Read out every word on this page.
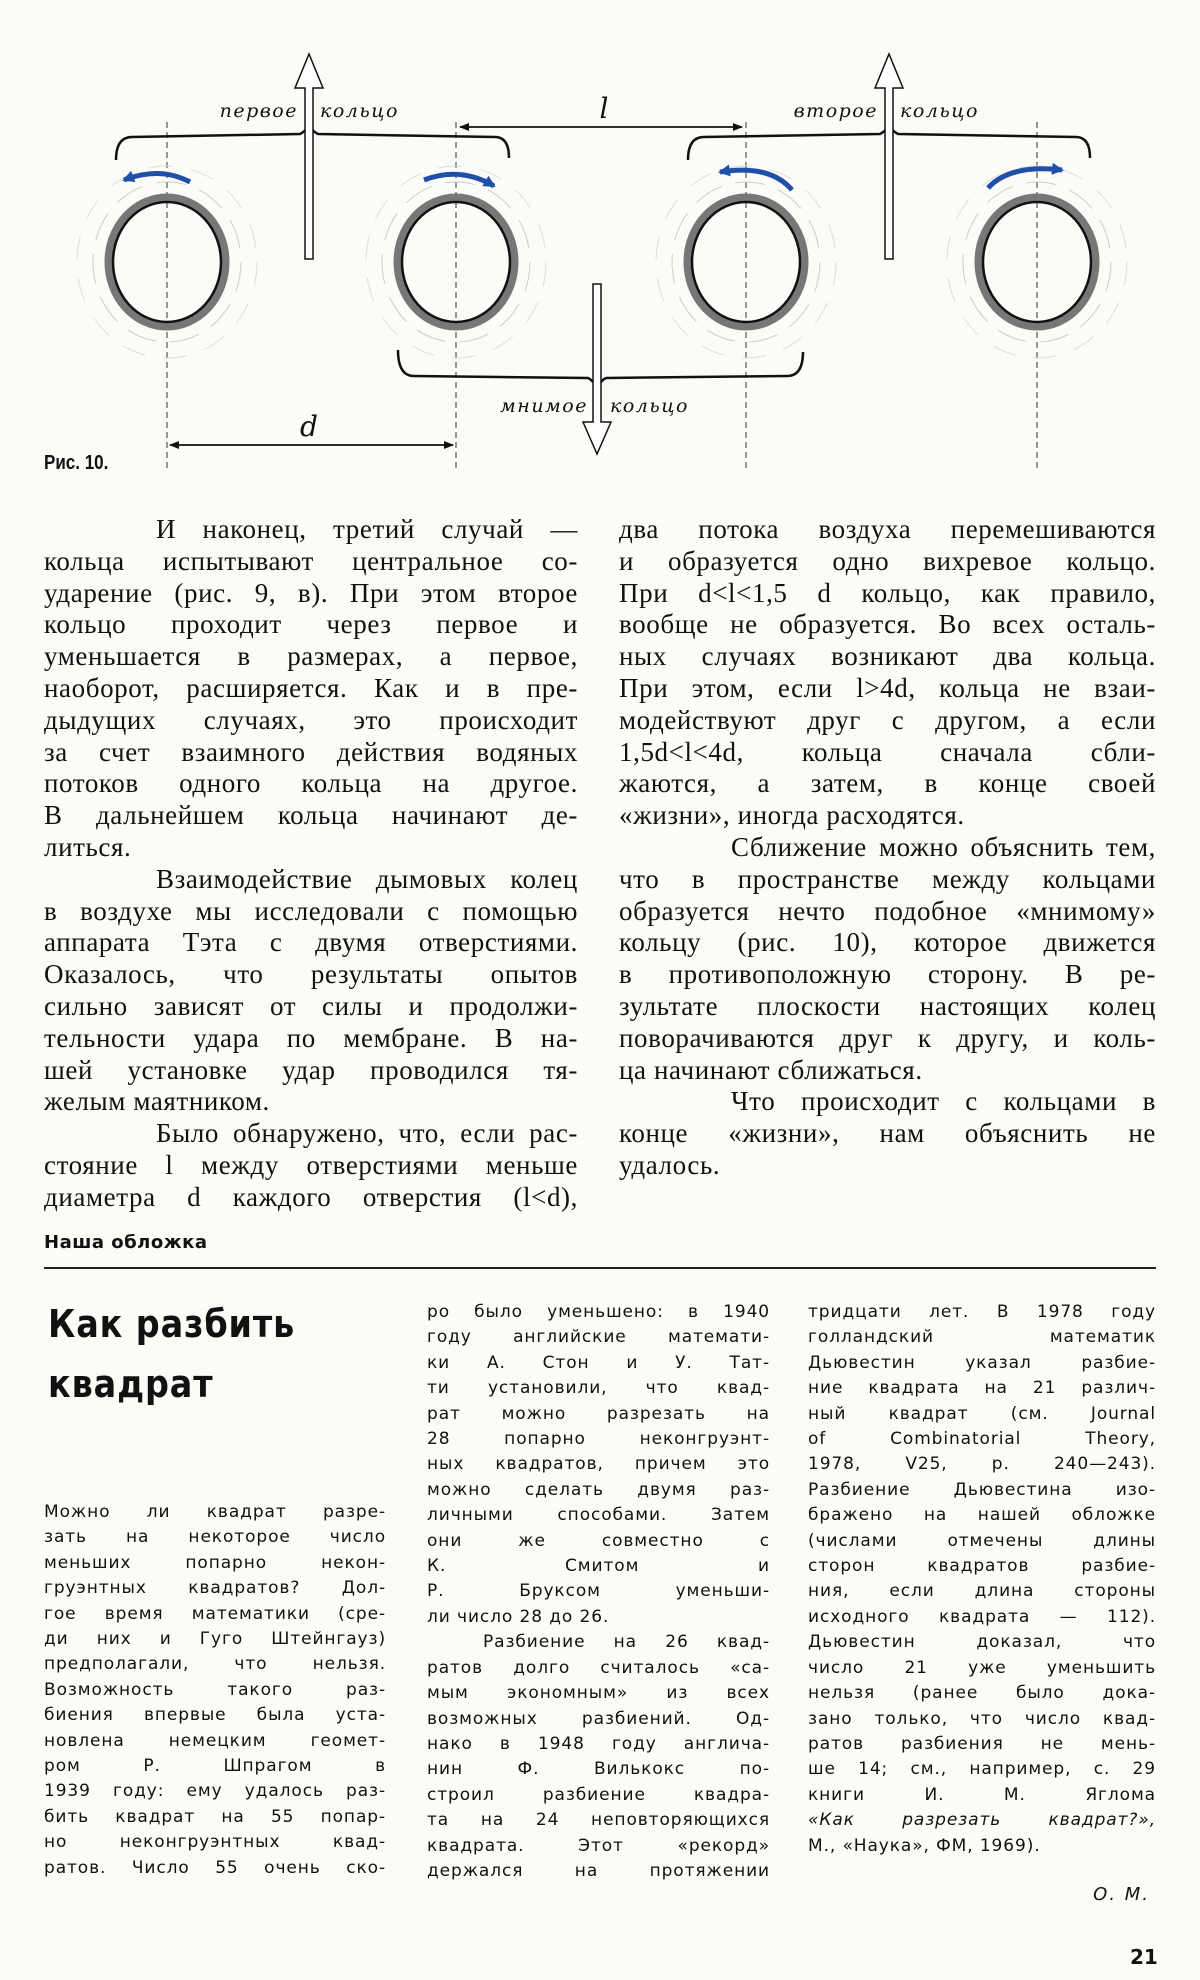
первое кольцо	второе кольцо
мнимое кольцо
l
d
Рис. 10.
И наконец, третий случай —
кольца испытывают центральное со-
ударение (рис. 9, в). При этом второе
кольцо проходит через первое и
уменьшается в размерах, а первое,
наоборот, расширяется. Как и в пре-
дыдущих случаях, это происходит
за счет взаимного действия водяных
потоков одного кольца на другое.
В дальнейшем кольца начинают де-
литься.
Взаимодействие дымовых колец
в воздухе мы исследовали с помощью
аппарата Тэта с двумя отверстиями.
Оказалось, что результаты опытов
сильно зависят от силы и продолжи-
тельности удара по мембране. В на-
шей установке удар проводился тя-
желым маятником.
Было обнаружено, что, если рас-
стояние l между отверстиями меньше
диаметра d каждого отверстия (l<d),
два потока воздуха перемешиваются
и образуется одно вихревое кольцо.
При d<l<1,5 d кольцо, как правило,
вообще не образуется. Во всех осталь-
ных случаях возникают два кольца.
При этом, если l>4d, кольца не взаи-
модействуют друг с другом, а если
1,5d<l<4d, кольца сначала сбли-
жаются, а затем, в конце своей
«жизни», иногда расходятся.
Сближение можно объяснить тем,
что в пространстве между кольцами
образуется нечто подобное «мнимому»
кольцу (рис. 10), которое движется
в противоположную сторону. В ре-
зультате плоскости настоящих колец
поворачиваются друг к другу, и коль-
ца начинают сближаться.
Что происходит с кольцами в
конце «жизни», нам объяснить не
удалось.
Наша обложка
Как разбить
квадрат
Можно ли квадрат разре-
зать на некоторое число
меньших попарно некон-
груэнтных квадратов? Дол-
гое время математики (сре-
ди них и Гуго Штейнгауз)
предполагали, что нельзя.
Возможность такого раз-
биения впервые была уста-
новлена немецким геомет-
ром Р. Шпрагом в
1939 году: ему удалось раз-
бить квадрат на 55 попар-
но неконгруэнтных квад-
ратов. Число 55 очень ско-
ро было уменьшено: в 1940
году английские математи-
ки А. Стон и У. Тат-
ти установили, что квад-
рат можно разрезать на
28 попарно неконгруэнт-
ных квадратов, причем это
можно сделать двумя раз-
личными способами. Затем
они же совместно с
К. Смитом и
Р. Бруксом уменьши-
ли число 28 до 26.
Разбиение на 26 квад-
ратов долго считалось «са-
мым экономным» из всех
возможных разбиений. Од-
нако в 1948 году англича-
нин Ф. Вилькокс по-
строил разбиение квадра-
та на 24 неповторяющихся
квадрата. Этот «рекорд»
держался на протяжении
тридцати лет. В 1978 году
голландский математик
Дьювестин указал разбие-
ние квадрата на 21 различ-
ный квадрат (см. Journal
of Combinatorial Theory,
1978, V25, p. 240—243).
Разбиение Дьювестина изо-
бражено на нашей обложке
(числами отмечены длины
сторон квадратов разбие-
ния, если длина стороны
исходного квадрата — 112).
Дьювестин доказал, что
число 21 уже уменьшить
нельзя (ранее было дока-
зано только, что число квад-
ратов разбиения не мень-
ше 14; см., например, с. 29
книги И. М. Яглома
«Как разрезать квадрат?»,
М., «Наука», ФМ, 1969).
О. М.
21
